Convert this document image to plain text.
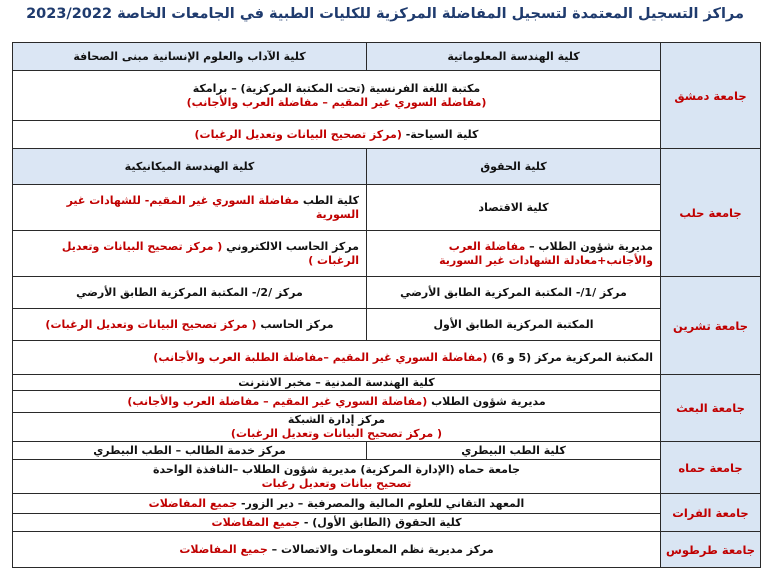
مراكز التسجيل المعتمدة لتسجيل المفاضلة المركزية للكليات الطبية في الجامعات الخاصة 2023/2022
جامعة دمشق	كلية الهندسة المعلوماتية	كلية الآداب والعلوم الإنسانية مبنى الصحافة

	مكتبة اللغة الفرنسية (تحت المكتبة المركزية) – برامكة
(مفاضلة السوري غير المقيم – مفاضلة العرب والأجانب)	

	كلية السياحة- (مركز تصحيح البيانات وتعديل الرغبات)	
جامعة حلب	كلية الحقوق	كلية الهندسة الميكانيكية
	كلية الاقتصاد	كلية الطب مفاضلة السوري غير المقيم- للشهادات غير السورية
	مديرية شؤون الطلاب – مفاضلة العرب والأجانب+معادلة الشهادات غير السورية	مركز الحاسب الالكتروني ( مركز تصحيح البيانات وتعديل الرغبات )
جامعة تشرين	مركز /1/- المكتبة المركزية الطابق الأرضي	مركز /2/- المكتبة المركزية الطابق الأرضي
	المكتبة المركزية الطابق الأول	مركز الحاسب ( مركز تصحيح البيانات وتعديل الرغبات)
	المكتبة المركزية مركز (5 و 6) (مفاضلة السوري غير المقيم –مفاضلة الطلبة العرب والأجانب)	
جامعة البعث	كلية الهندسة المدنية – مخبر الانترنت	
	مديرية شؤون الطلاب (مفاضلة السوري غير المقيم – مفاضلة العرب والأجانب)	

	مركز إدارة الشبكة
( مركز تصحيح البيانات وتعديل الرغبات)	

جامعة حماه	كلية الطب البيطري	مركز خدمة الطالب – الطب البيطري

	جامعة حماه (الإدارة المركزية) مديرية شؤون الطلاب –النافذة الواحدة
تصحيح بيانات وتعديل رغبات	

جامعة الفرات	المعهد التقاني للعلوم المالية والمصرفية – دير الزور- جميع المفاضلات	
	كلية الحقوق (الطابق الأول) - جميع المفاضلات	
جامعة طرطوس	مركز مديرية نظم المعلومات والاتصالات – جميع المفاضلات	
